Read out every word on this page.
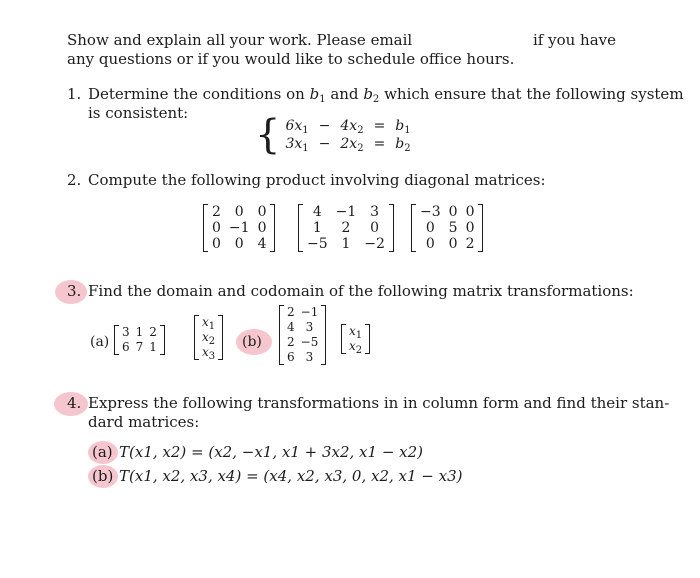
Show and explain all your work. Please email	if you have
any questions or if you would like to schedule office hours.
1. Determine the conditions on $b_1$ and $b_2$ which ensure that the following system
is consistent: { $6x_1$	−	$4x_2$	=	$b_1$
$3x_1$	−	$2x_2$	=	$b_2$
2. Compute the following product involving diagonal matrices:
2	0	0
0	−1	0
0	0	4
4	−1	3
1	2	0
−5	1	−2
−3	0	0
0	5	0
0	0	2
3. Find the domain and codomain of the following matrix transformations:
(a)
3	1	2
6	7	1
$x_1$
$x_2$
$x_3$
(b)
2	−1
4	3
2	−5
6	3
$x_1$
$x_2$
4. Express the following transformations in in column form and find their stan-
dard matrices:
(a) T(x1, x2) = (x2, −x1, x1 + 3x2, x1 − x2)
(b) T(x1, x2, x3, x4) = (x4, x2, x3, 0, x2, x1 − x3)
